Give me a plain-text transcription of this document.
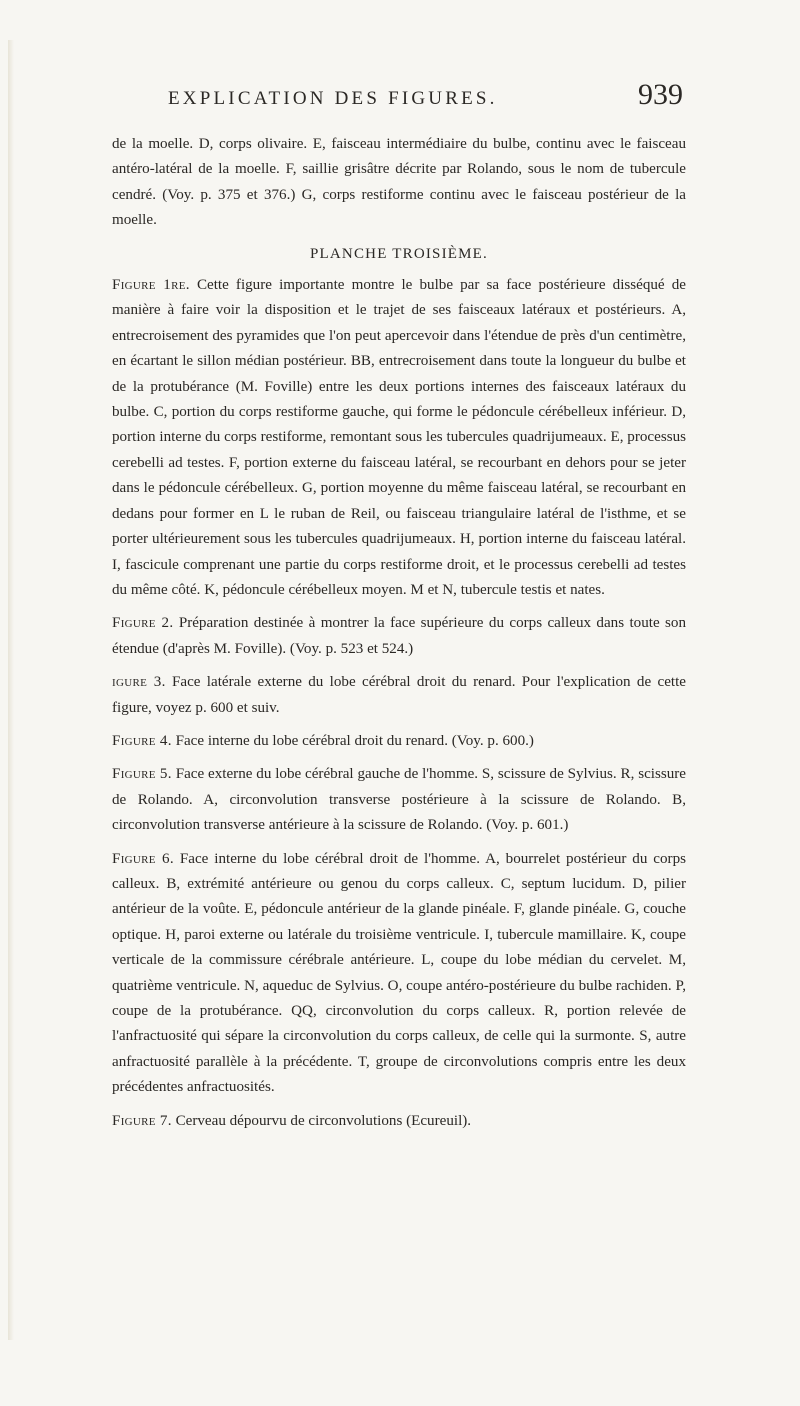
EXPLICATION DES FIGURES.	939

de la moelle. D, corps olivaire. E, faisceau intermédiaire du bulbe, continu avec le faisceau antéro-latéral de la moelle. F, saillie grisâtre décrite par Rolando, sous le nom de tubercule cendré. (Voy. p. 375 et 376.) G, corps restiforme continu avec le faisceau postérieur de la moelle.

PLANCHE TROISIÈME.

Figure 1re. Cette figure importante montre le bulbe par sa face postérieure disséqué de manière à faire voir la disposition et le trajet de ses faisceaux latéraux et postérieurs. A, entrecroisement des pyramides que l'on peut apercevoir dans l'étendue de près d'un centimètre, en écartant le sillon médian postérieur. BB, entrecroisement dans toute la longueur du bulbe et de la protubérance (M. Foville) entre les deux portions internes des faisceaux latéraux du bulbe. C, portion du corps restiforme gauche, qui forme le pédoncule cérébelleux inférieur. D, portion interne du corps restiforme, remontant sous les tubercules quadrijumeaux. E, processus cerebelli ad testes. F, portion externe du faisceau latéral, se recourbant en dehors pour se jeter dans le pédoncule cérébelleux. G, portion moyenne du même faisceau latéral, se recourbant en dedans pour former en L le ruban de Reil, ou faisceau triangulaire latéral de l'isthme, et se porter ultérieurement sous les tubercules quadrijumeaux. H, portion interne du faisceau latéral. I, fascicule comprenant une partie du corps restiforme droit, et le processus cerebelli ad testes du même côté. K, pédoncule cérébelleux moyen. M et N, tubercule testis et nates.

Figure 2. Préparation destinée à montrer la face supérieure du corps calleux dans toute son étendue (d'après M. Foville). (Voy. p. 523 et 524.)

igure 3. Face latérale externe du lobe cérébral droit du renard. Pour l'explication de cette figure, voyez p. 600 et suiv.

Figure 4. Face interne du lobe cérébral droit du renard. (Voy. p. 600.)

Figure 5. Face externe du lobe cérébral gauche de l'homme. S, scissure de Sylvius. R, scissure de Rolando. A, circonvolution transverse postérieure à la scissure de Rolando. B, circonvolution transverse antérieure à la scissure de Rolando. (Voy. p. 601.)

Figure 6. Face interne du lobe cérébral droit de l'homme. A, bourrelet postérieur du corps calleux. B, extrémité antérieure ou genou du corps calleux. C, septum lucidum. D, pilier antérieur de la voûte. E, pédoncule antérieur de la glande pinéale. F, glande pinéale. G, couche optique. H, paroi externe ou latérale du troisième ventricule. I, tubercule mamillaire. K, coupe verticale de la commissure cérébrale antérieure. L, coupe du lobe médian du cervelet. M, quatrième ventricule. N, aqueduc de Sylvius. O, coupe antéro-postérieure du bulbe rachiden. P, coupe de la protubérance. QQ, circonvolution du corps calleux. R, portion relevée de l'anfractuosité qui sépare la circonvolution du corps calleux, de celle qui la surmonte. S, autre anfractuosité parallèle à la précédente. T, groupe de circonvolutions compris entre les deux précédentes anfractuosités.

Figure 7. Cerveau dépourvu de circonvolutions (Ecureuil).
